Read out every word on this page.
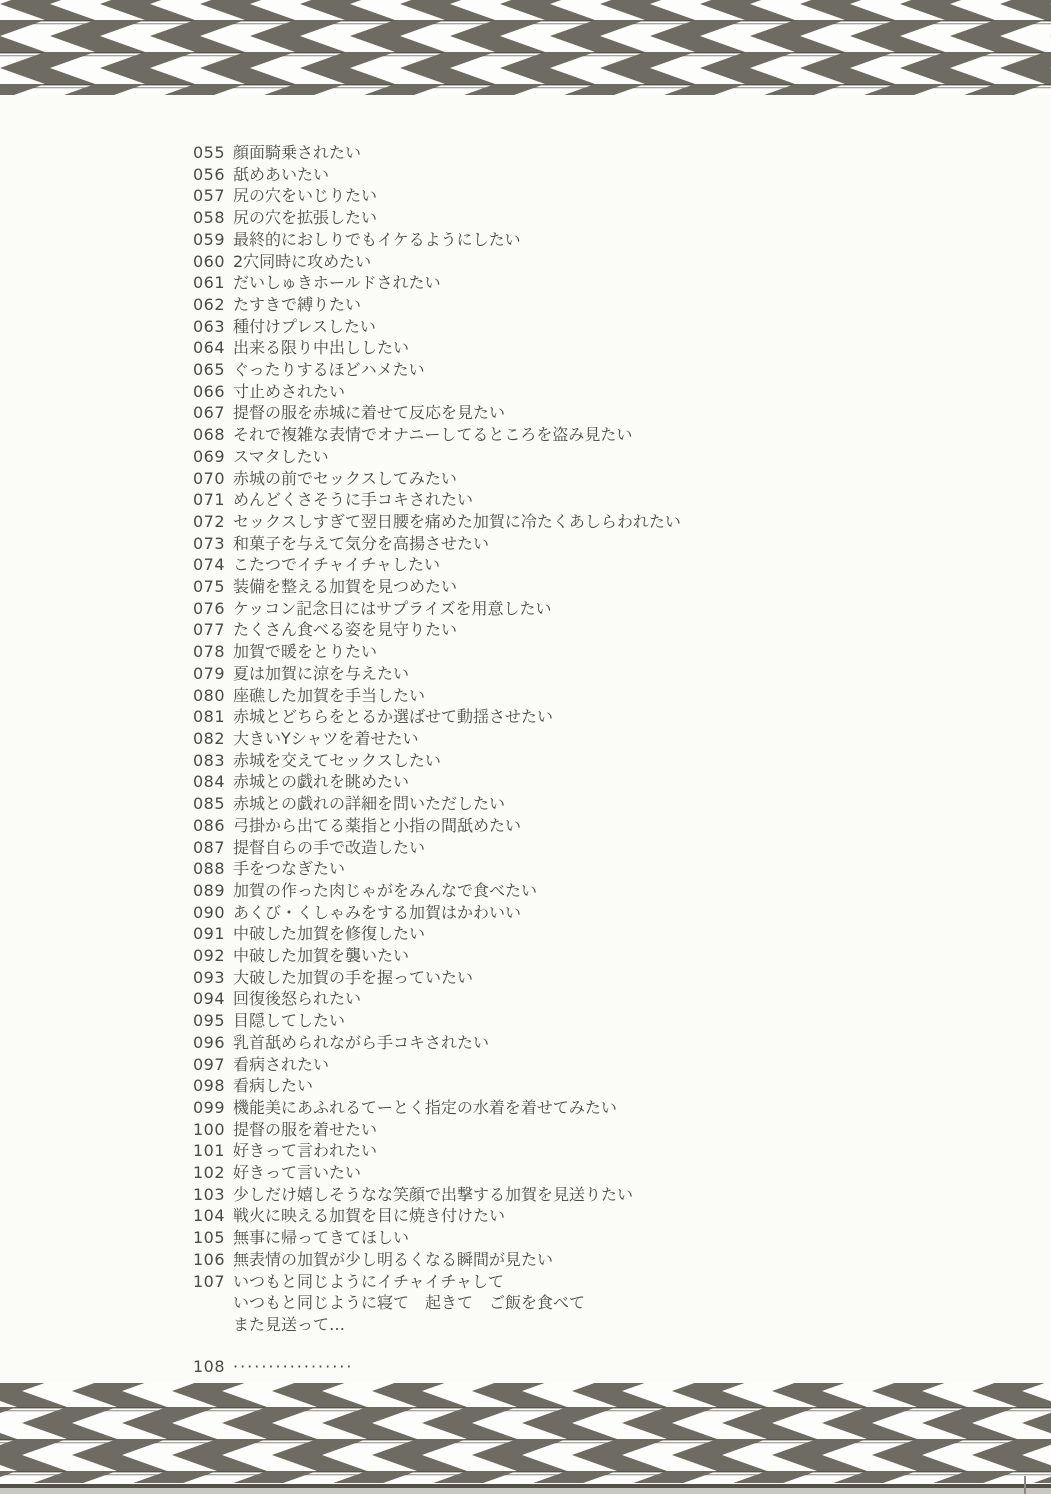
055 顔面騎乗されたい
056 舐めあいたい
057 尻の穴をいじりたい
058 尻の穴を拡張したい
059 最終的におしりでもイケるようにしたい
060 2穴同時に攻めたい
061 だいしゅきホールドされたい
062 たすきで縛りたい
063 種付けプレスしたい
064 出来る限り中出ししたい
065 ぐったりするほどハメたい
066 寸止めされたい
067 提督の服を赤城に着せて反応を見たい
068 それで複雑な表情でオナニーしてるところを盗み見たい
069 スマタしたい
070 赤城の前でセックスしてみたい
071 めんどくさそうに手コキされたい
072 セックスしすぎて翌日腰を痛めた加賀に冷たくあしらわれたい
073 和菓子を与えて気分を高揚させたい
074 こたつでイチャイチャしたい
075 装備を整える加賀を見つめたい
076 ケッコン記念日にはサプライズを用意したい
077 たくさん食べる姿を見守りたい
078 加賀で暖をとりたい
079 夏は加賀に涼を与えたい
080 座礁した加賀を手当したい
081 赤城とどちらをとるか選ばせて動揺させたい
082 大きいYシャツを着せたい
083 赤城を交えてセックスしたい
084 赤城との戯れを眺めたい
085 赤城との戯れの詳細を問いただしたい
086 弓掛から出てる薬指と小指の間舐めたい
087 提督自らの手で改造したい
088 手をつなぎたい
089 加賀の作った肉じゃがをみんなで食べたい
090 あくび・くしゃみをする加賀はかわいい
091 中破した加賀を修復したい
092 中破した加賀を襲いたい
093 大破した加賀の手を握っていたい
094 回復後怒られたい
095 目隠してしたい
096 乳首舐められながら手コキされたい
097 看病されたい
098 看病したい
099 機能美にあふれるてーとく指定の水着を着せてみたい
100 提督の服を着せたい
101 好きって言われたい
102 好きって言いたい
103 少しだけ嬉しそうなな笑顔で出撃する加賀を見送りたい
104 戦火に映える加賀を目に焼き付けたい
105 無事に帰ってきてほしい
106 無表情の加賀が少し明るくなる瞬間が見たい
107 いつもと同じようにイチャイチャして
いつもと同じように寝て　起きて　ご飯を食べて
また見送って…
108 ·················
